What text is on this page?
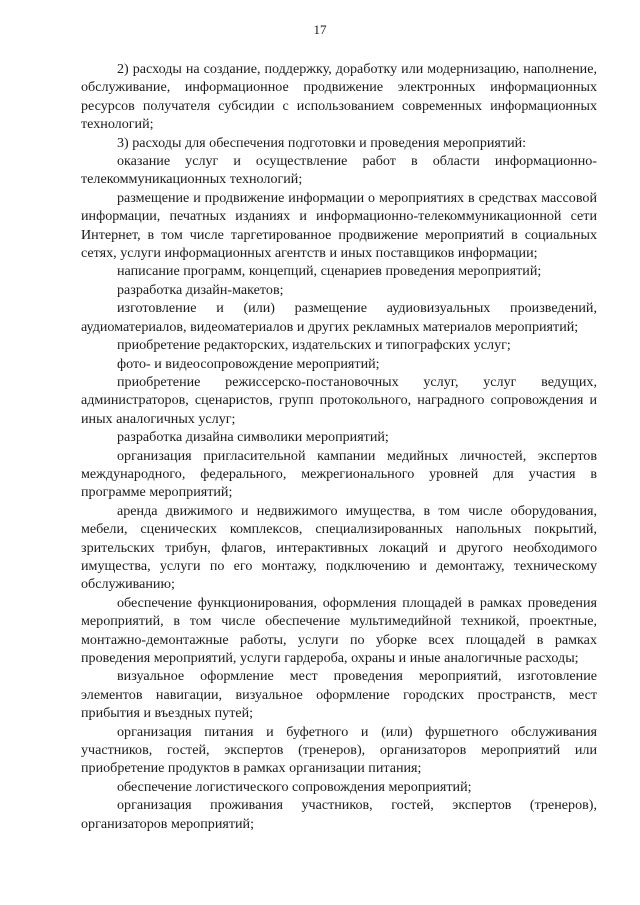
17

2) расходы на создание, поддержку, доработку или модернизацию, наполнение, обслуживание, информационное продвижение электронных информационных ресурсов получателя субсидии с использованием современных информационных технологий;

3) расходы для обеспечения подготовки и проведения мероприятий:

оказание услуг и осуществление работ в области информационно-телекоммуникационных технологий;

размещение и продвижение информации о мероприятиях в средствах массовой информации, печатных изданиях и информационно-телекоммуникационной сети Интернет, в том числе таргетированное продвижение мероприятий в социальных сетях, услуги информационных агентств и иных поставщиков информации;

написание программ, концепций, сценариев проведения мероприятий;

разработка дизайн-макетов;

изготовление и (или) размещение аудиовизуальных произведений, аудиоматериалов, видеоматериалов и других рекламных материалов мероприятий;

приобретение редакторских, издательских и типографских услуг;

фото- и видеосопровождение мероприятий;

приобретение режиссерско-постановочных услуг, услуг ведущих, администраторов, сценаристов, групп протокольного, наградного сопровождения и иных аналогичных услуг;

разработка дизайна символики мероприятий;

организация пригласительной кампании медийных личностей, экспертов международного, федерального, межрегионального уровней для участия в программе мероприятий;

аренда движимого и недвижимого имущества, в том числе оборудования, мебели, сценических комплексов, специализированных напольных покрытий, зрительских трибун, флагов, интерактивных локаций и другого необходимого имущества, услуги по его монтажу, подключению и демонтажу, техническому обслуживанию;

обеспечение функционирования, оформления площадей в рамках проведения мероприятий, в том числе обеспечение мультимедийной техникой, проектные, монтажно-демонтажные работы, услуги по уборке всех площадей в рамках проведения мероприятий, услуги гардероба, охраны и иные аналогичные расходы;

визуальное оформление мест проведения мероприятий, изготовление элементов навигации, визуальное оформление городских пространств, мест прибытия и въездных путей;

организация питания и буфетного и (или) фуршетного обслуживания участников, гостей, экспертов (тренеров), организаторов мероприятий или приобретение продуктов в рамках организации питания;

обеспечение логистического сопровождения мероприятий;

организация проживания участников, гостей, экспертов (тренеров), организаторов мероприятий;
